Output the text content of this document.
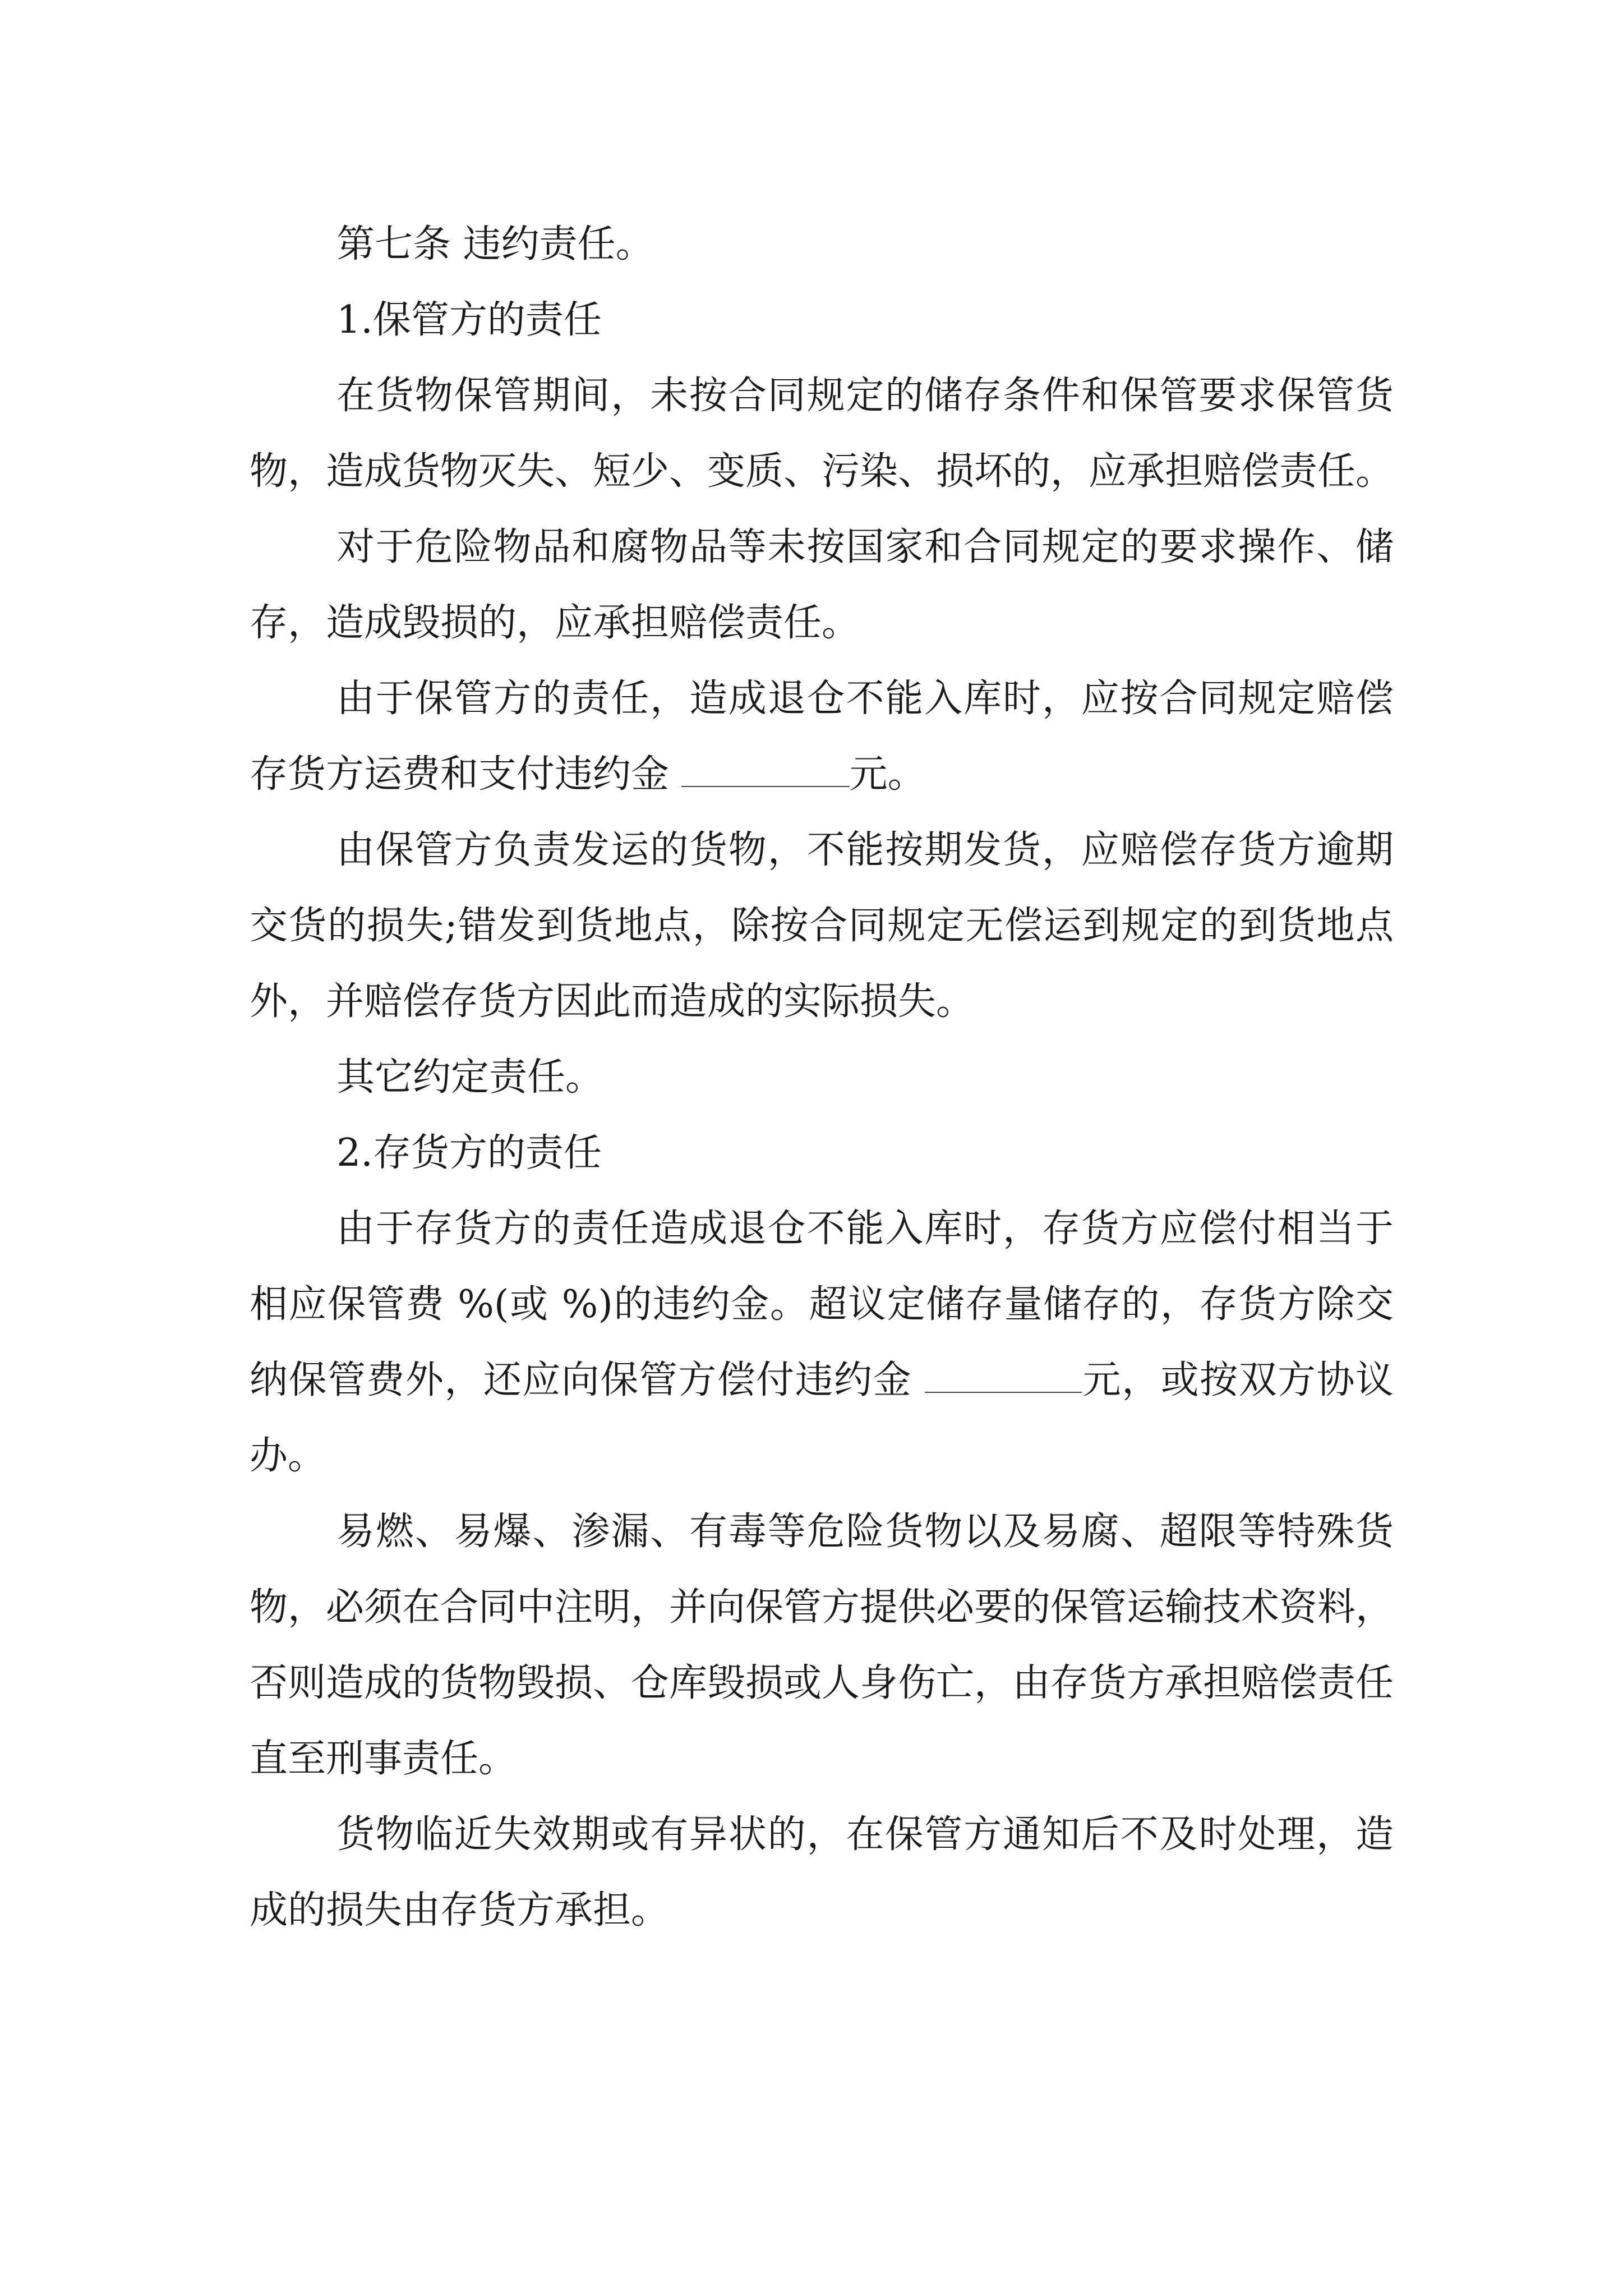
第七条 违约责任。

1.保管方的责任

在货物保管期间，未按合同规定的储存条件和保管要求保管货物，造成货物灭失、短少、变质、污染、损坏的，应承担赔偿责任。

对于危险物品和腐物品等未按国家和合同规定的要求操作、储存，造成毁损的，应承担赔偿责任。

由于保管方的责任，造成退仓不能入库时，应按合同规定赔偿存货方运费和支付违约金	元。

由保管方负责发运的货物，不能按期发货，应赔偿存货方逾期交货的损失;错发到货地点，除按合同规定无偿运到规定的到货地点外，并赔偿存货方因此而造成的实际损失。

其它约定责任。

2.存货方的责任

由于存货方的责任造成退仓不能入库时，存货方应偿付相当于相应保管费 %(或 %)的违约金。超议定储存量储存的，存货方除交纳保管费外，还应向保管方偿付违约金	元，或按双方协议办。

易燃、易爆、渗漏、有毒等危险货物以及易腐、超限等特殊货物，必须在合同中注明，并向保管方提供必要的保管运输技术资料，否则造成的货物毁损、仓库毁损或人身伤亡，由存货方承担赔偿责任直至刑事责任。

货物临近失效期或有异状的，在保管方通知后不及时处理，造成的损失由存货方承担。
